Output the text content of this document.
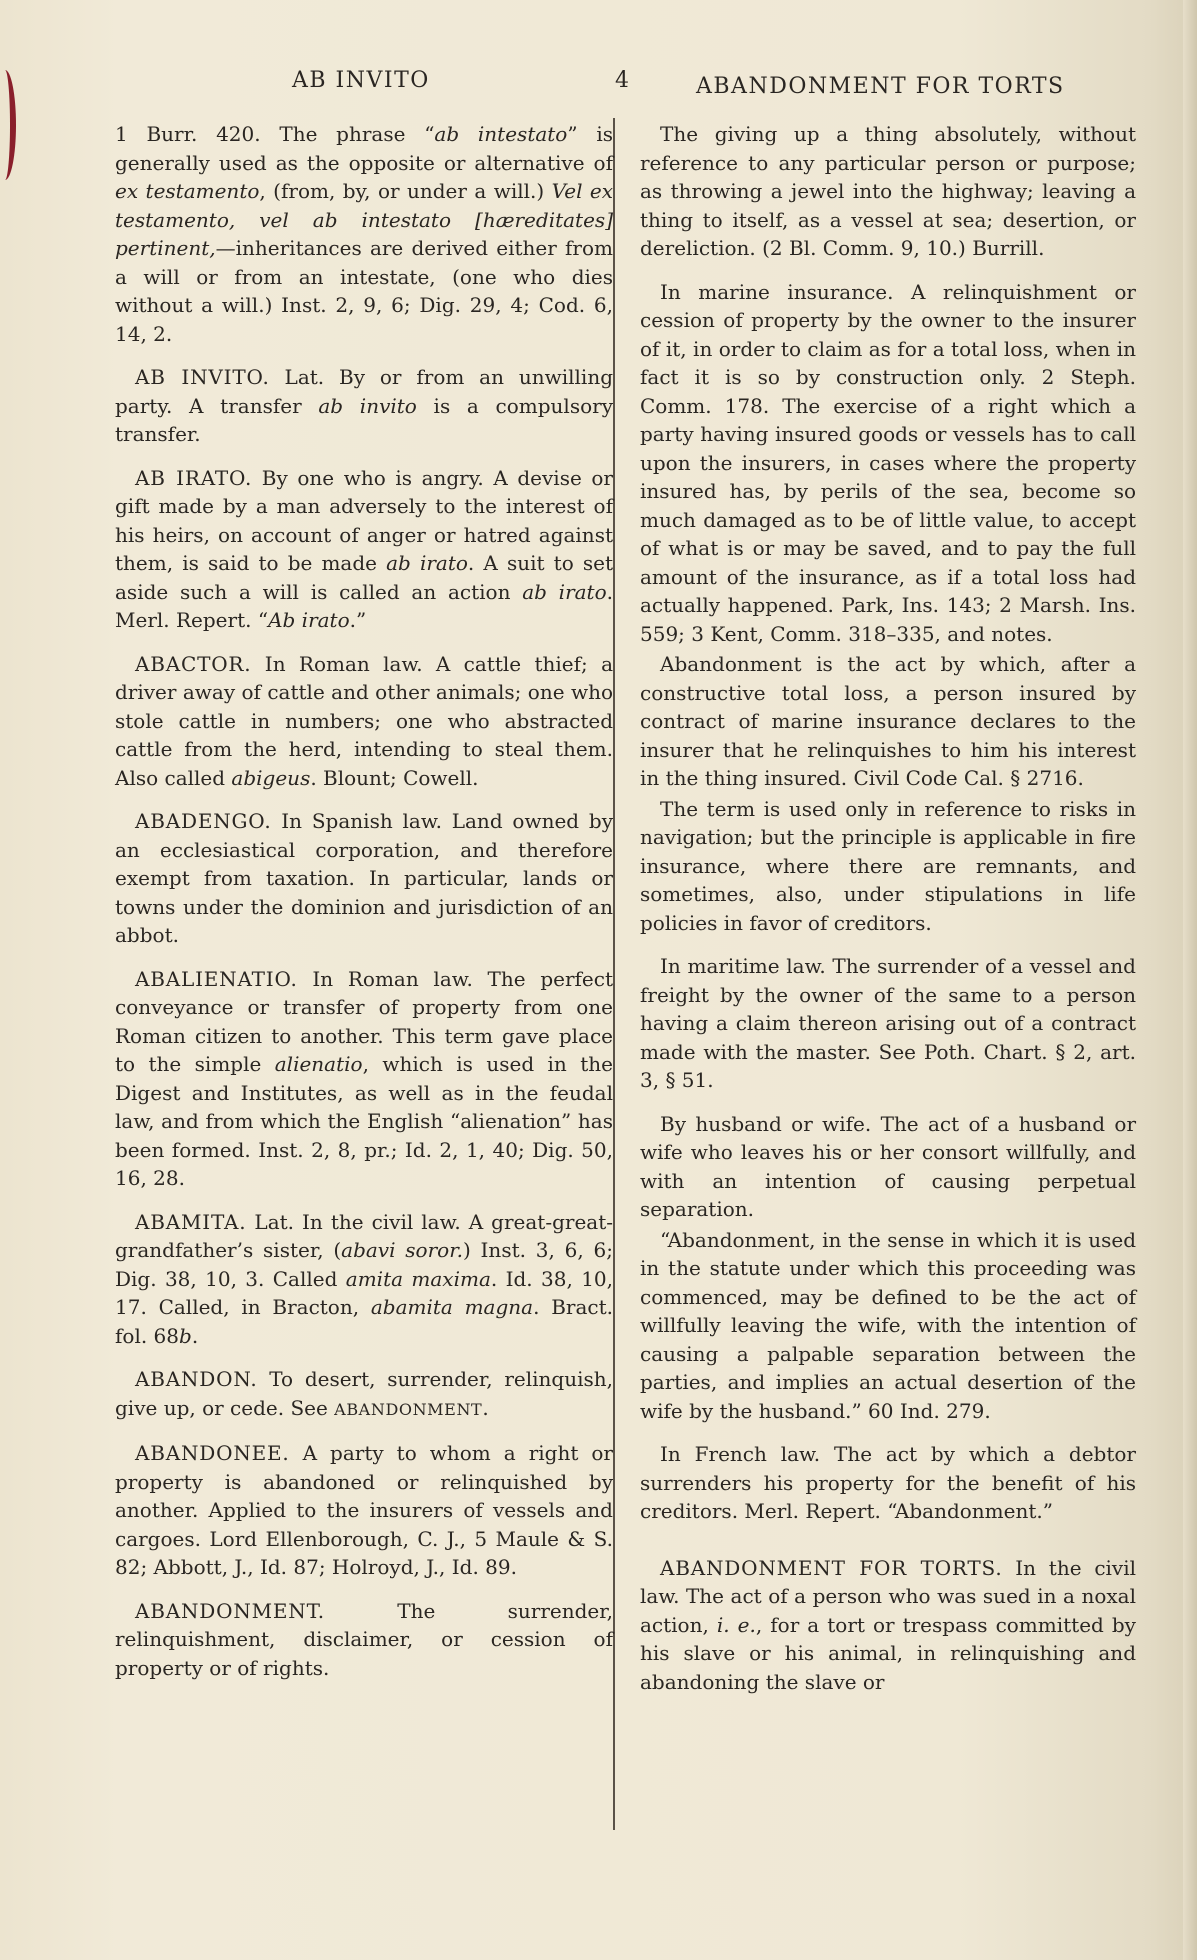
AB INVITO	4	ABANDONMENT FOR TORTS

1 Burr. 420. The phrase “ab intestato” is generally used as the opposite or alternative of ex testamento, (from, by, or under a will.) Vel ex testamento, vel ab intestato [hæreditates] pertinent,—inheritances are derived either from a will or from an intestate, (one who dies without a will.) Inst. 2, 9, 6; Dig. 29, 4; Cod. 6, 14, 2.

AB INVITO. Lat. By or from an unwilling party. A transfer ab invito is a compulsory transfer.

AB IRATO. By one who is angry. A devise or gift made by a man adversely to the interest of his heirs, on account of anger or hatred against them, is said to be made ab irato. A suit to set aside such a will is called an action ab irato. Merl. Repert. “Ab irato.”

ABACTOR. In Roman law. A cattle thief; a driver away of cattle and other animals; one who stole cattle in numbers; one who abstracted cattle from the herd, intending to steal them. Also called abigeus. Blount; Cowell.

ABADENGO. In Spanish law. Land owned by an ecclesiastical corporation, and therefore exempt from taxation. In particular, lands or towns under the dominion and jurisdiction of an abbot.

ABALIENATIO. In Roman law. The perfect conveyance or transfer of property from one Roman citizen to another. This term gave place to the simple alienatio, which is used in the Digest and Institutes, as well as in the feudal law, and from which the English “alienation” has been formed. Inst. 2, 8, pr.; Id. 2, 1, 40; Dig. 50, 16, 28.

ABAMITA. Lat. In the civil law. A great-great-grandfather’s sister, (abavi soror.) Inst. 3, 6, 6; Dig. 38, 10, 3. Called amita maxima. Id. 38, 10, 17. Called, in Bracton, abamita magna. Bract. fol. 68b.

ABANDON. To desert, surrender, relinquish, give up, or cede. See ABANDONMENT.

ABANDONEE. A party to whom a right or property is abandoned or relinquished by another. Applied to the insurers of vessels and cargoes. Lord Ellenborough, C. J., 5 Maule & S. 82; Abbott, J., Id. 87; Holroyd, J., Id. 89.

ABANDONMENT. The surrender, relinquishment, disclaimer, or cession of property or of rights.

The giving up a thing absolutely, without reference to any particular person or purpose; as throwing a jewel into the highway; leaving a thing to itself, as a vessel at sea; desertion, or dereliction. (2 Bl. Comm. 9, 10.) Burrill.

In marine insurance. A relinquishment or cession of property by the owner to the insurer of it, in order to claim as for a total loss, when in fact it is so by construction only. 2 Steph. Comm. 178. The exercise of a right which a party having insured goods or vessels has to call upon the insurers, in cases where the property insured has, by perils of the sea, become so much damaged as to be of little value, to accept of what is or may be saved, and to pay the full amount of the insurance, as if a total loss had actually happened. Park, Ins. 143; 2 Marsh. Ins. 559; 3 Kent, Comm. 318–335, and notes.

Abandonment is the act by which, after a constructive total loss, a person insured by contract of marine insurance declares to the insurer that he relinquishes to him his interest in the thing insured. Civil Code Cal. § 2716.

The term is used only in reference to risks in navigation; but the principle is applicable in fire insurance, where there are remnants, and sometimes, also, under stipulations in life policies in favor of creditors.

In maritime law. The surrender of a vessel and freight by the owner of the same to a person having a claim thereon arising out of a contract made with the master. See Poth. Chart. § 2, art. 3, § 51.

By husband or wife. The act of a husband or wife who leaves his or her consort willfully, and with an intention of causing perpetual separation.

“Abandonment, in the sense in which it is used in the statute under which this proceeding was commenced, may be defined to be the act of willfully leaving the wife, with the intention of causing a palpable separation between the parties, and implies an actual desertion of the wife by the husband.” 60 Ind. 279.

In French law. The act by which a debtor surrenders his property for the benefit of his creditors. Merl. Repert. “Abandonment.”

ABANDONMENT FOR TORTS. In the civil law. The act of a person who was sued in a noxal action, i. e., for a tort or trespass committed by his slave or his animal, in relinquishing and abandoning the slave or
